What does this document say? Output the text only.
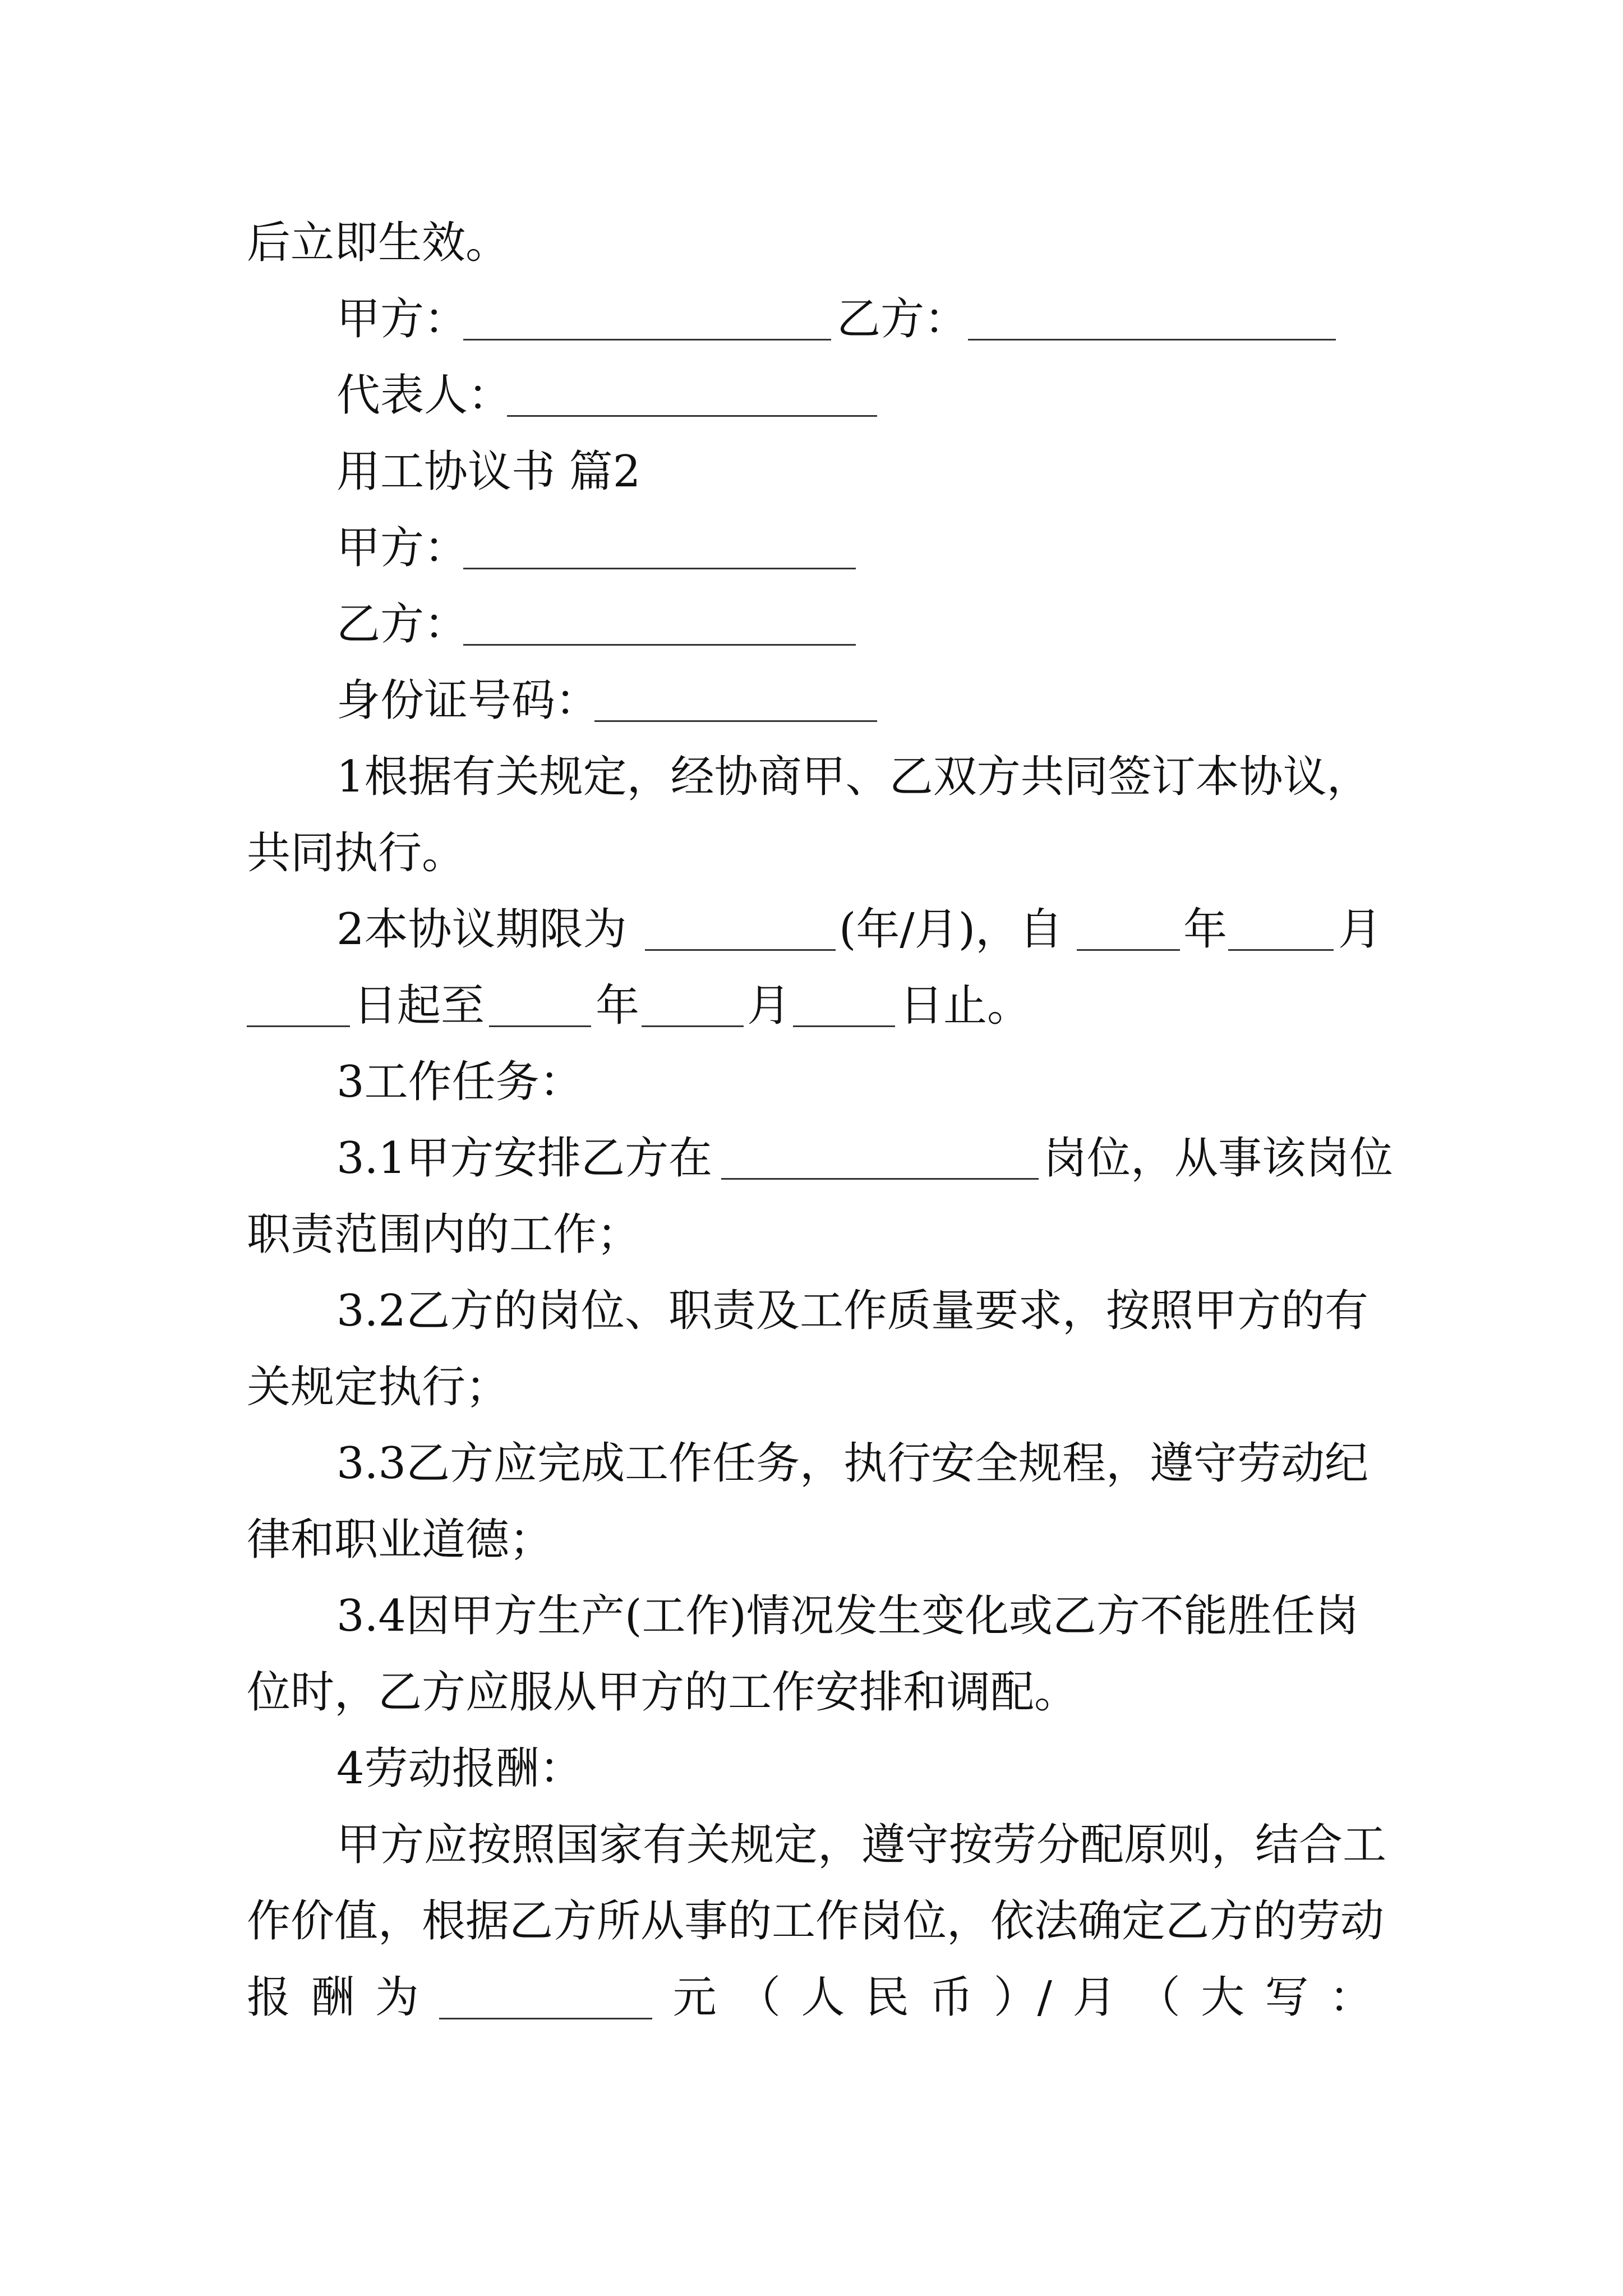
后立即生效。
甲方：	乙方：
代表人：
用工协议书 篇2
甲方：
乙方：
身份证号码：
1根据有关规定，经协商甲、乙双方共同签订本协议，
共同执行。
2本协议期限为	(年/月)，自	年	月
日起至	年 月 日止。
3工作任务：
3.1甲方安排乙方在	岗位，从事该岗位
职责范围内的工作；
3.2乙方的岗位、职责及工作质量要求，按照甲方的有
关规定执行；
3.3乙方应完成工作任务，执行安全规程，遵守劳动纪
律和职业道德；
3.4因甲方生产(工作)情况发生变化或乙方不能胜任岗
位时，乙方应服从甲方的工作安排和调配。
4劳动报酬：
甲方应按照国家有关规定，遵守按劳分配原则，结合工
作价值，根据乙方所从事的工作岗位，依法确定乙方的劳动
报 酬 为	元 （ 人 民 币 ）/ 月 （ 大 写 ：
